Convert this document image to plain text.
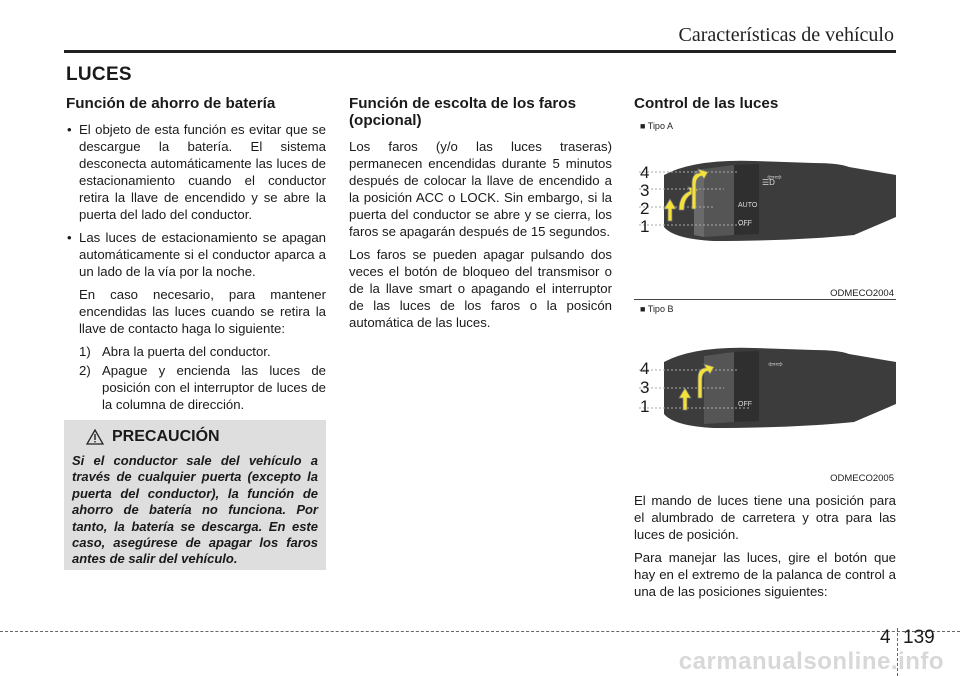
Características de vehículo
LUCES
Función de ahorro de batería

• El objeto de esta función es evitar que se descargue la batería. El sistema desconecta automáticamente las luces de estacionamiento cuando el conductor retira la llave de encendido y se abre la puerta del lado del conductor.

• Las luces de estacionamiento se apagan automáticamente si el conductor aparca a un lado de la vía por la noche.

En caso necesario, para mantener encendidas las luces cuando se retira la llave de contacto haga lo siguiente:

1) Abra la puerta del conductor.
2) Apague y encienda las luces de posición con el interruptor de luces de la columna de dirección.
PRECAUCIÓN
Si el conductor sale del vehículo a través de cualquier puerta (excepto la puerta del conductor), la función de ahorro de batería no funciona. Por tanto, la batería se descarga. En este caso, asegúrese de apagar los faros antes de salir del vehículo.
Función de escolta de los faros (opcional)

Los faros (y/o las luces traseras) permanecen encendidas durante 5 minutos después de colocar la llave de encendido a la posición ACC o LOCK. Sin embargo, si la puerta del conductor se abre y se cierra, los faros se apagarán después de 15 segundos.

Los faros se pueden apagar pulsando dos veces el botón de bloqueo del transmisor o de la llave smart o apagando el interruptor de las luces de los faros o la posicón automática de las luces.

Control de las luces
■ Tipo A
☰D
AUTO
OFF
⇦⇨
4
3
2
1
ODMECO2004
■ Tipo B
OFF
⇦⇨
4
3
1
ODMECO2005

El mando de luces tiene una posición para el alumbrado de carretera y otra para las luces de posición.

Para manejar las luces, gire el botón que hay en el extremo de la palanca de control a una de las posiciones siguientes:

4 139
carmanualsonline.info
